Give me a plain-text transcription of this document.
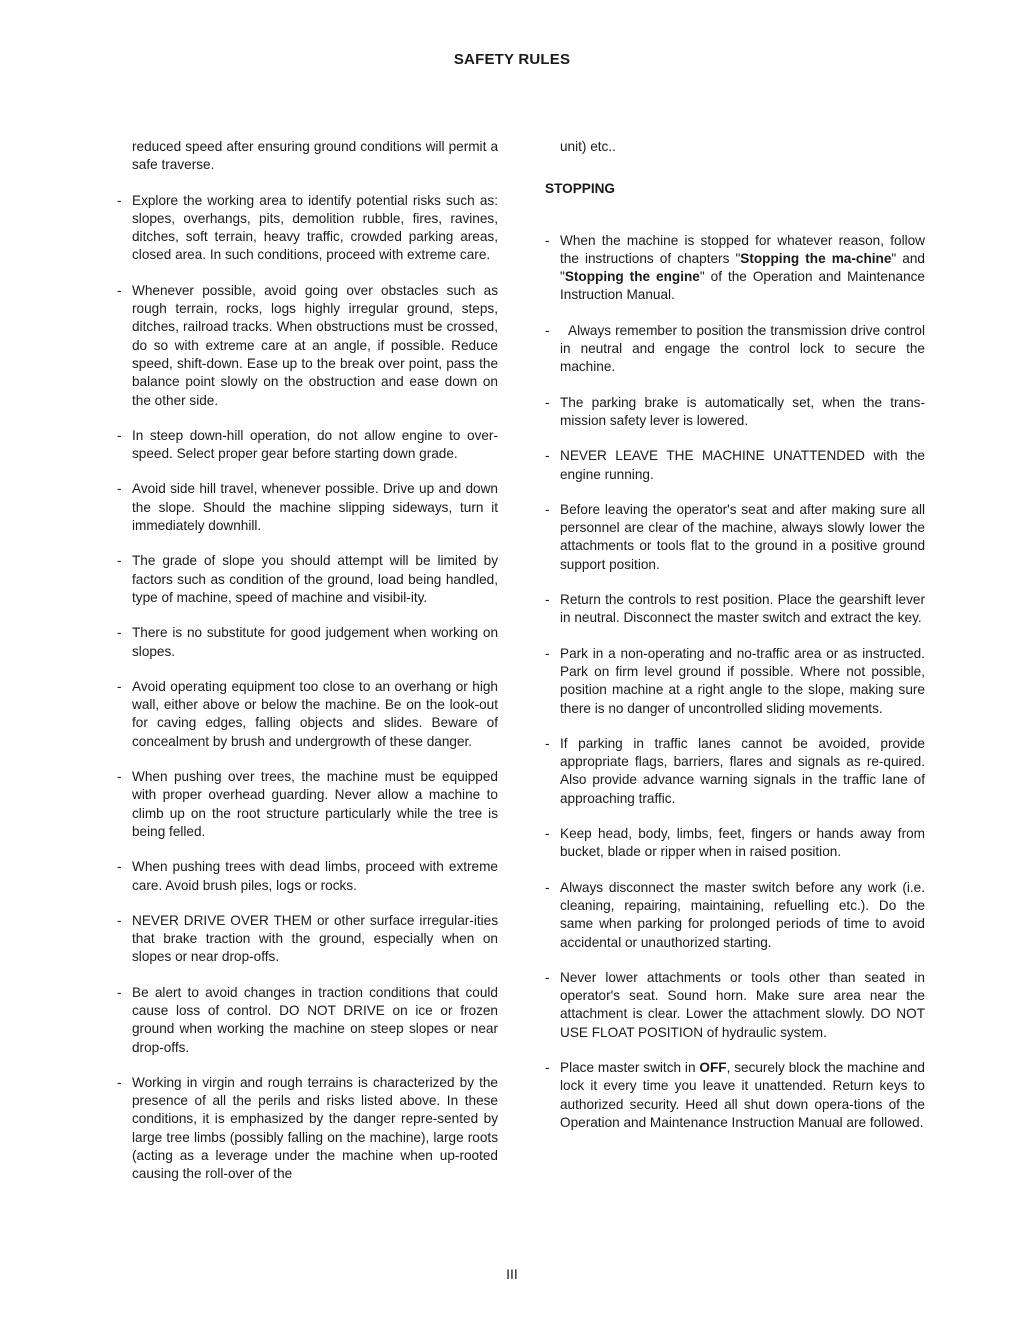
SAFETY RULES

reduced speed after ensuring ground conditions will permit a safe traverse.

- Explore the working area to identify potential risks such as: slopes, overhangs, pits, demolition rubble, fires, ravines, ditches, soft terrain, heavy traffic, crowded parking areas, closed area. In such conditions, proceed with extreme care.
- Whenever possible, avoid going over obstacles such as rough terrain, rocks, logs highly irregular ground, steps, ditches, railroad tracks. When obstructions must be crossed, do so with extreme care at an angle, if possible. Reduce speed, shift-down. Ease up to the break over point, pass the balance point slowly on the obstruction and ease down on the other side.
- In steep down-hill operation, do not allow engine to over-speed. Select proper gear before starting down grade.
- Avoid side hill travel, whenever possible. Drive up and down the slope. Should the machine slipping sideways, turn it immediately downhill.
- The grade of slope you should attempt will be limited by factors such as condition of the ground, load being handled, type of machine, speed of machine and visibil-ity.
- There is no substitute for good judgement when working on slopes.
- Avoid operating equipment too close to an overhang or high wall, either above or below the machine. Be on the look-out for caving edges, falling objects and slides. Beware of concealment by brush and undergrowth of these danger.
- When pushing over trees, the machine must be equipped with proper overhead guarding. Never allow a machine to climb up on the root structure particularly while the tree is being felled.
- When pushing trees with dead limbs, proceed with extreme care. Avoid brush piles, logs or rocks.
- NEVER DRIVE OVER THEM or other surface irregular-ities that brake traction with the ground, especially when on slopes or near drop-offs.
- Be alert to avoid changes in traction conditions that could cause loss of control. DO NOT DRIVE on ice or frozen ground when working the machine on steep slopes or near drop-offs.
- Working in virgin and rough terrains is characterized by the presence of all the perils and risks listed above. In these conditions, it is emphasized by the danger repre-sented by large tree limbs (possibly falling on the machine), large roots (acting as a leverage under the machine when up-rooted causing the roll-over of the

unit) etc..

STOPPING
- When the machine is stopped for whatever reason, follow the instructions of chapters "Stopping the ma-chine" and "Stopping the engine" of the Operation and Maintenance Instruction Manual.
- Always remember to position the transmission drive control in neutral and engage the control lock to secure the machine.
- The parking brake is automatically set, when the trans-mission safety lever is lowered.
- NEVER LEAVE THE MACHINE UNATTENDED with the engine running.
- Before leaving the operator's seat and after making sure all personnel are clear of the machine, always slowly lower the attachments or tools flat to the ground in a positive ground support position.
- Return the controls to rest position. Place the gearshift lever in neutral. Disconnect the master switch and extract the key.
- Park in a non-operating and no-traffic area or as instructed. Park on firm level ground if possible. Where not possible, position machine at a right angle to the slope, making sure there is no danger of uncontrolled sliding movements.
- If parking in traffic lanes cannot be avoided, provide appropriate flags, barriers, flares and signals as re-quired. Also provide advance warning signals in the traffic lane of approaching traffic.
- Keep head, body, limbs, feet, fingers or hands away from bucket, blade or ripper when in raised position.
- Always disconnect the master switch before any work (i.e. cleaning, repairing, maintaining, refuelling etc.). Do the same when parking for prolonged periods of time to avoid accidental or unauthorized starting.
- Never lower attachments or tools other than seated in operator's seat. Sound horn. Make sure area near the attachment is clear. Lower the attachment slowly. DO NOT USE FLOAT POSITION of hydraulic system.
- Place master switch in OFF, securely block the machine and lock it every time you leave it unattended. Return keys to authorized security. Heed all shut down opera-tions of the Operation and Maintenance Instruction Manual are followed.
III
